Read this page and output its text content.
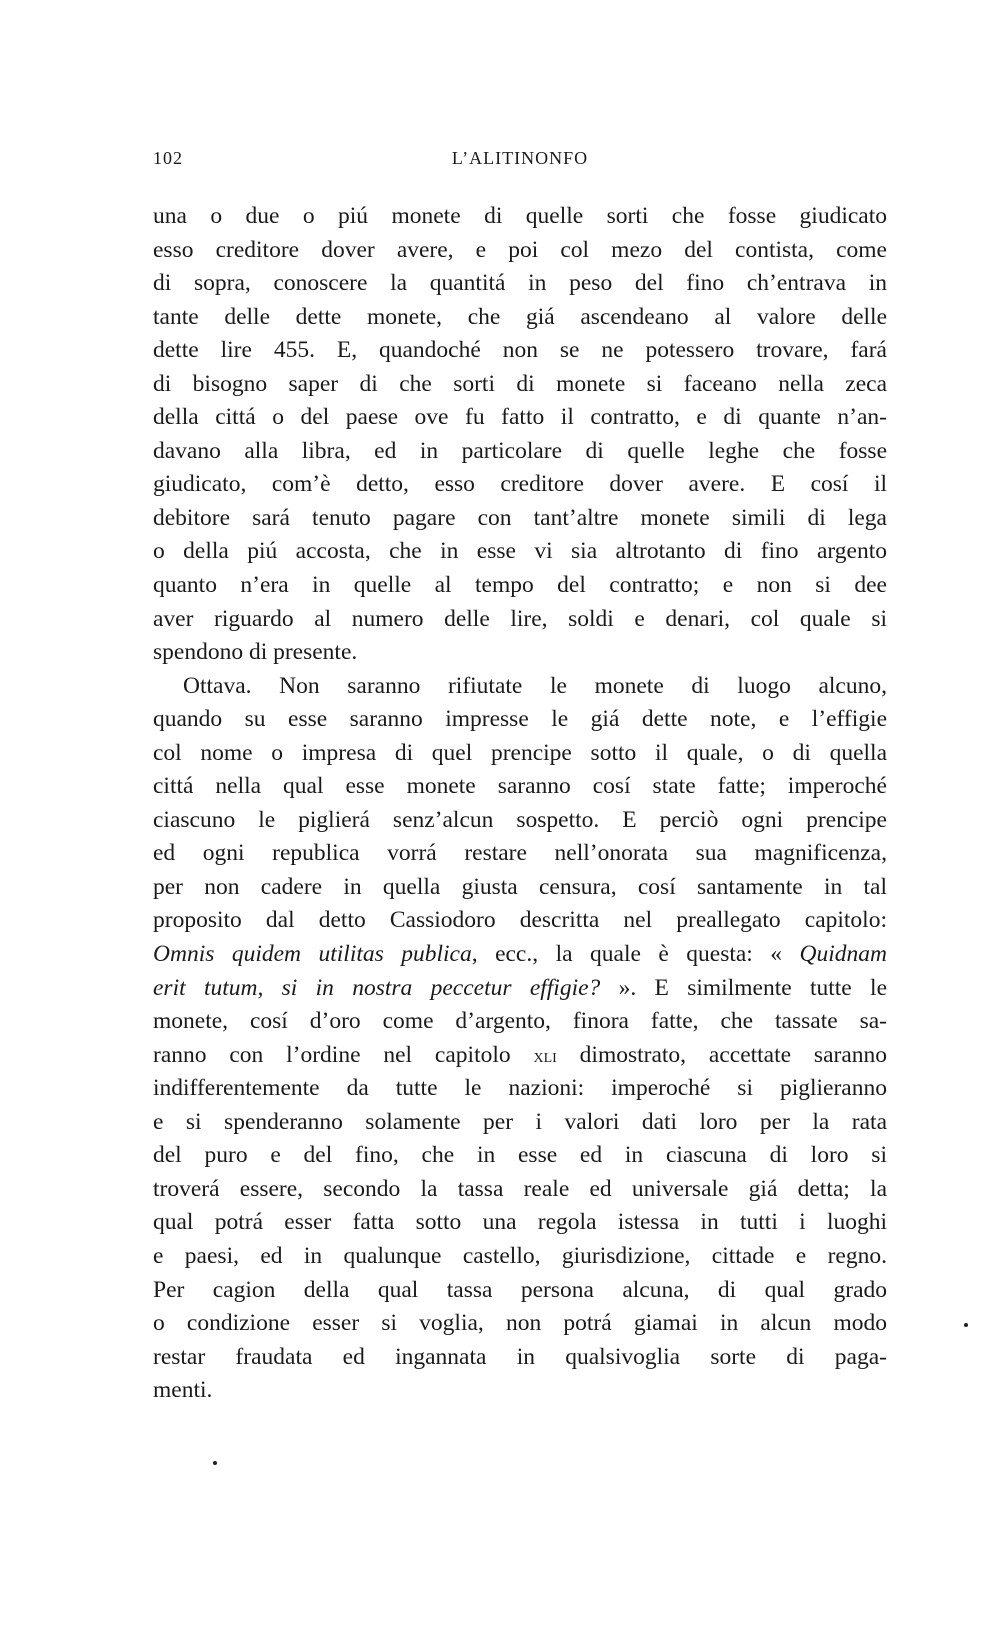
102	L’ALITINONFO
una o due o piú monete di quelle sorti che fosse giudicato
esso creditore dover avere, e poi col mezo del contista, come
di sopra, conoscere la quantitá in peso del fino ch’entrava in
tante delle dette monete, che giá ascendeano al valore delle
dette lire 455. E, quandoché non se ne potessero trovare, fará
di bisogno saper di che sorti di monete si faceano nella zeca
della cittá o del paese ove fu fatto il contratto, e di quante n’an-
davano alla libra, ed in particolare di quelle leghe che fosse
giudicato, com’è detto, esso creditore dover avere. E cosí il
debitore sará tenuto pagare con tant’altre monete simili di lega
o della piú accosta, che in esse vi sia altrotanto di fino argento
quanto n’era in quelle al tempo del contratto; e non si dee
aver riguardo al numero delle lire, soldi e denari, col quale si
spendono di presente.
Ottava. Non saranno rifiutate le monete di luogo alcuno,
quando su esse saranno impresse le giá dette note, e l’effigie
col nome o impresa di quel prencipe sotto il quale, o di quella
cittá nella qual esse monete saranno cosí state fatte; imperoché
ciascuno le piglierá senz’alcun sospetto. E perciò ogni prencipe
ed ogni republica vorrá restare nell’onorata sua magnificenza,
per non cadere in quella giusta censura, cosí santamente in tal
proposito dal detto Cassiodoro descritta nel preallegato capitolo:
Omnis quidem utilitas publica, ecc., la quale è questa: « Quidnam
erit tutum, si in nostra peccetur effigie? ». E similmente tutte le
monete, cosí d’oro come d’argento, finora fatte, che tassate sa-
ranno con l’ordine nel capitolo xli dimostrato, accettate saranno
indifferentemente da tutte le nazioni: imperoché si piglieranno
e si spenderanno solamente per i valori dati loro per la rata
del puro e del fino, che in esse ed in ciascuna di loro si
troverá essere, secondo la tassa reale ed universale giá detta; la
qual potrá esser fatta sotto una regola istessa in tutti i luoghi
e paesi, ed in qualunque castello, giurisdizione, cittade e regno.
Per cagion della qual tassa persona alcuna, di qual grado
o condizione esser si voglia, non potrá giamai in alcun modo
restar fraudata ed ingannata in qualsivoglia sorte di paga-
menti.
